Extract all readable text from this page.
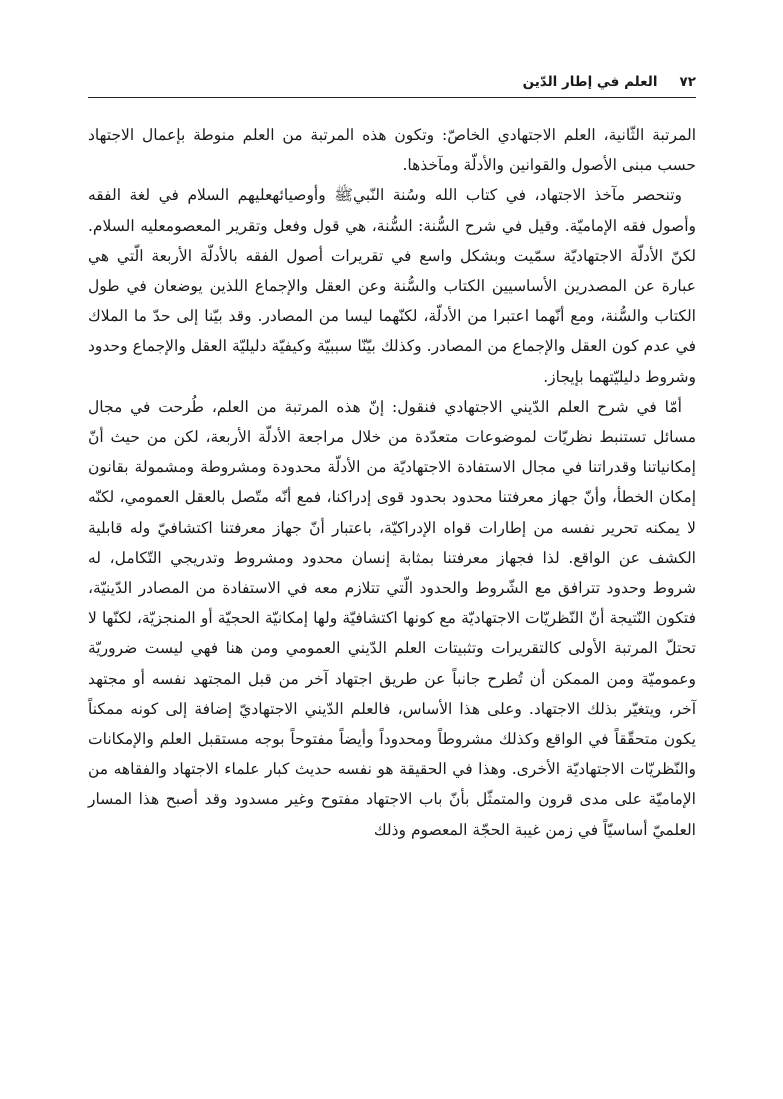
٧٢
العلم في إطار الدّين

المرتبة الثّانية، العلم الاجتهادي الخاصّ: وتكون هذه المرتبة من العلم منوطة بإعمال الاجتهاد حسب مبنى الأصول والقوانين والأدلّة ومآخذها.

وتنحصر مآخذ الاجتهاد، في كتاب الله وسُنة النّبيﷺ وأوصيائهعليهم السلام في لغة الفقه وأصول فقه الإماميّة. وقيل في شرح السُّنة: السُّنة، هي قول وفعل وتقرير المعصومعليه السلام. لكنّ الأدلّة الاجتهاديّة سمّيت وبشكل واسع في تقريرات أصول الفقه بالأدلّة الأربعة الّتي هي عبارة عن المصدرين الأساسيين الكتاب والسُّنة وعن العقل والإجماع اللذين يوضعان في طول الكتاب والسُّنة، ومع أنّهما اعتبرا من الأدلّة، لكنّهما ليسا من المصادر. وقد بيّنا إلى حدّ ما الملاك في عدم كون العقل والإجماع من المصادر. وكذلك بيّنّا سببيّة وكيفيّة دليليّة العقل والإجماع وحدود وشروط دليليّتهما بإيجاز.

أمّا في شرح العلم الدّيني الاجتهادي فنقول: إنّ هذه المرتبة من العلم، طُرحت في مجال مسائل تستنبط نظريّات لموضوعات متعدّدة من خلال مراجعة الأدلّة الأربعة، لكن من حيث أنّ إمكانياتنا وقدراتنا في مجال الاستفادة الاجتهاديّة من الأدلّة محدودة ومشروطة ومشمولة بقانون إمكان الخطأ، وأنّ جهاز معرفتنا محدود بحدود قوى إدراكنا، فمع أنّه متّصل بالعقل العمومي، لكنّه لا يمكنه تحرير نفسه من إطارات قواه الإدراكيّة، باعتبار أنّ جهاز معرفتنا اكتشافيّ وله قابلية الكشف عن الواقع. لذا فجهاز معرفتنا بمثابة إنسان محدود ومشروط وتدريجي التّكامل، له شروط وحدود تترافق مع الشّروط والحدود الّتي تتلازم معه في الاستفادة من المصادر الدّينيّة، فتكون النّتيجة أنّ النّظريّات الاجتهاديّة مع كونها اكتشافيّة ولها إمكانيّة الحجيّة أو المنجزيّة، لكنّها لا تحتلّ المرتبة الأولى كالتقريرات وتثبيتات العلم الدّيني العمومي ومن هنا فهي ليست ضروريّة وعموميّة ومن الممكن أن تُطرح جانباً عن طريق اجتهاد آخر من قبل المجتهد نفسه أو مجتهد آخر، ويتغيّر بذلك الاجتهاد. وعلى هذا الأساس، فالعلم الدّيني الاجتهاديّ إضافة إلى كونه ممكناً يكون متحقّقاً في الواقع وكذلك مشروطاً ومحدوداً وأيضاً مفتوحاً بوجه مستقبل العلم والإمكانات والنّظريّات الاجتهاديّة الأخرى. وهذا في الحقيقة هو نفسه حديث كبار علماء الاجتهاد والفقاهه من الإماميّة على مدى قرون والمتمثّل بأنّ باب الاجتهاد مفتوح وغير مسدود وقد أصبح هذا المسار العلميّ أساسيّاً في زمن غيبة الحجّة المعصوم وذلك
